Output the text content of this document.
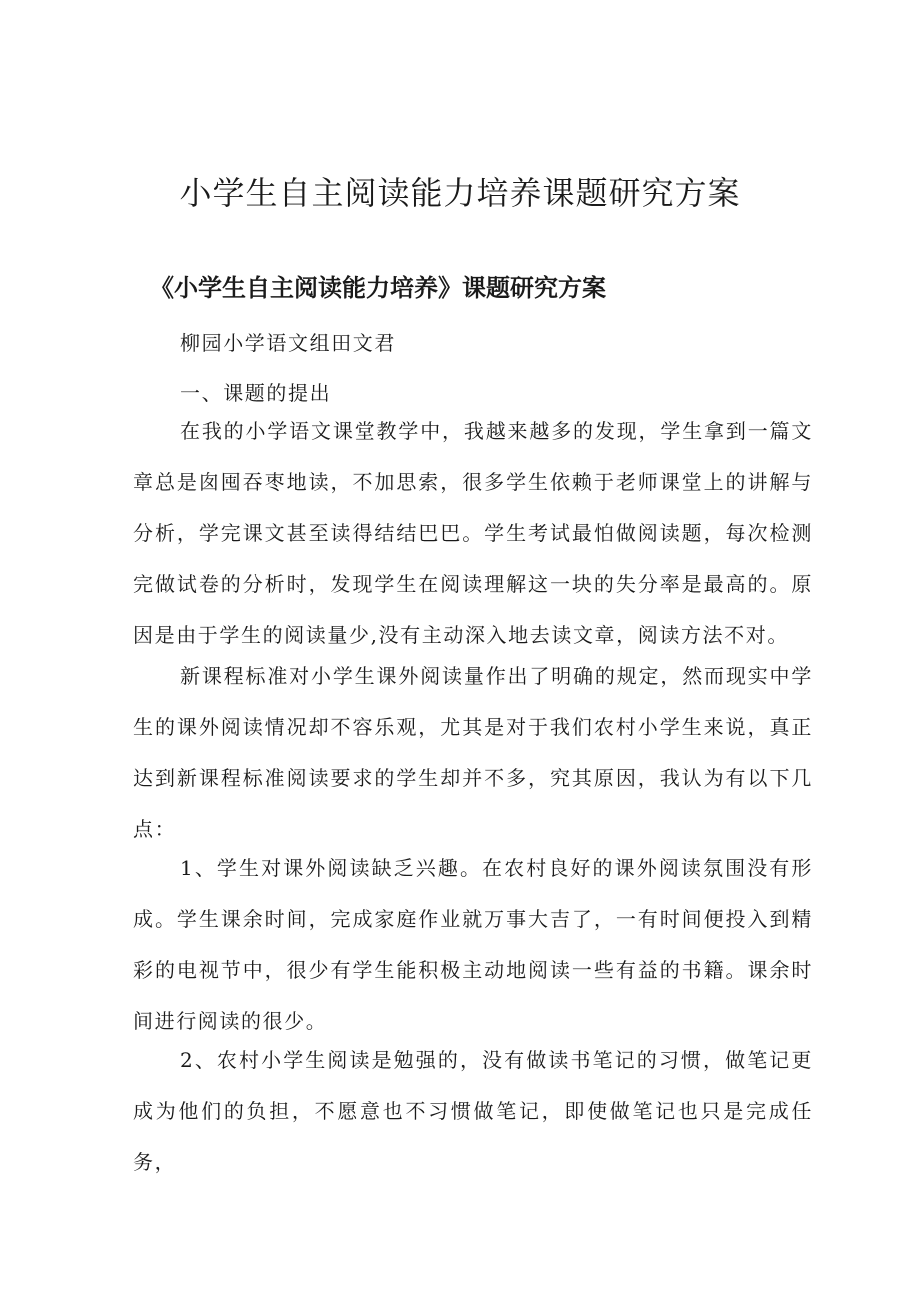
小学生自主阅读能力培养课题研究方案
《小学生自主阅读能力培养》课题研究方案

柳园小学语文组田文君

一、课题的提出

在我的小学语文课堂教学中，我越来越多的发现，学生拿到一篇文章总是囱囤吞枣地读，不加思索，很多学生依赖于老师课堂上的讲解与分析，学完课文甚至读得结结巴巴。学生考试最怕做阅读题，每次检测完做试卷的分析时，发现学生在阅读理解这一块的失分率是最高的。原因是由于学生的阅读量少,没有主动深入地去读文章，阅读方法不对。

新课程标准对小学生课外阅读量作出了明确的规定，然而现实中学生的课外阅读情况却不容乐观，尤其是对于我们农村小学生来说，真正达到新课程标准阅读要求的学生却并不多，究其原因，我认为有以下几点：

1、学生对课外阅读缺乏兴趣。在农村良好的课外阅读氛围没有形成。学生课余时间，完成家庭作业就万事大吉了，一有时间便投入到精彩的电视节中，很少有学生能积极主动地阅读一些有益的书籍。课余时间进行阅读的很少。

2、农村小学生阅读是勉强的，没有做读书笔记的习惯，做笔记更成为他们的负担，不愿意也不习惯做笔记，即使做笔记也只是完成任务，
